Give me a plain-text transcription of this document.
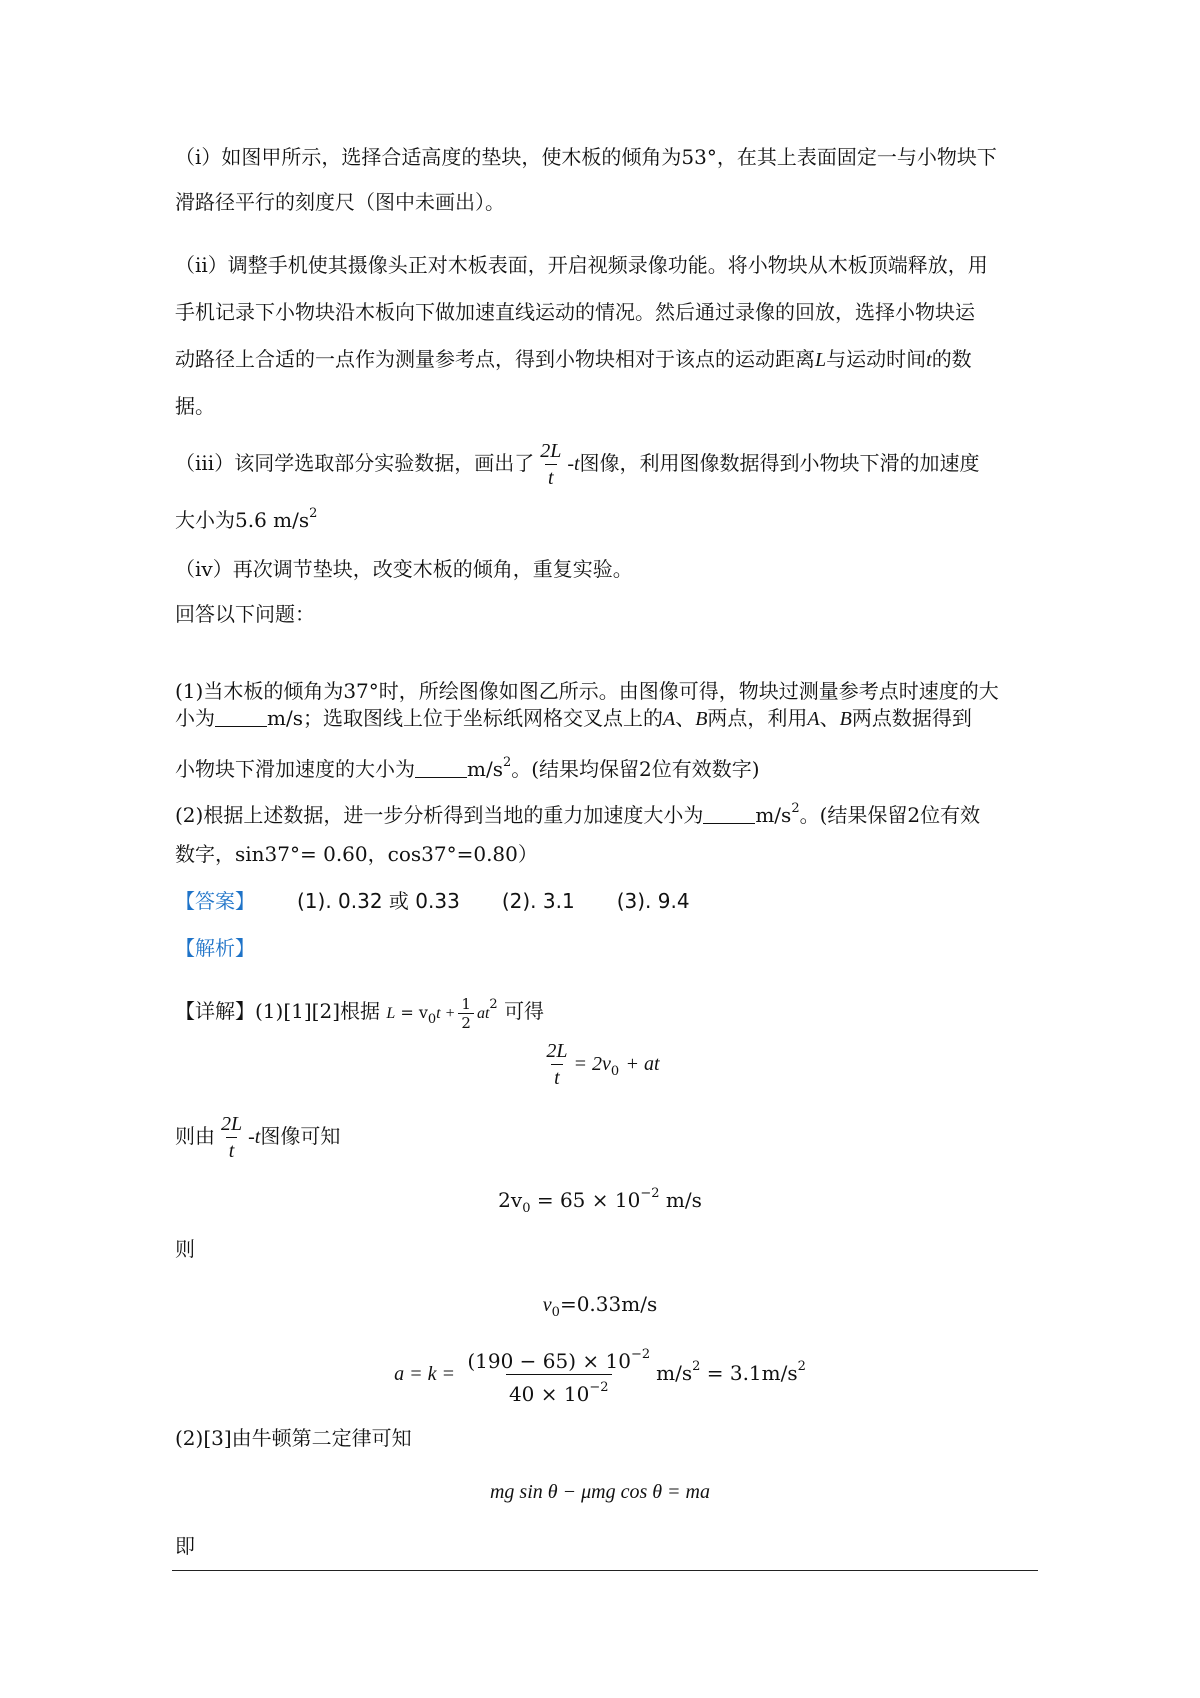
（i）如图甲所示，选择合适高度的垫块，使木板的倾角为53°，在其上表面固定一与小物块下
滑路径平行的刻度尺（图中未画出）。
（ii）调整手机使其摄像头正对木板表面，开启视频录像功能。将小物块从木板顶端释放，用
手机记录下小物块沿木板向下做加速直线运动的情况。然后通过录像的回放，选择小物块运
动路径上合适的一点作为测量参考点，得到小物块相对于该点的运动距离L与运动时间t的数
据。
（iii）该同学选取部分实验数据，画出了 $\frac{2L}{t} -t$图像，利用图像数据得到小物块下滑的加速度
大小为5.6 $m/s^2$
（iv）再次调节垫块，改变木板的倾角，重复实验。
回答以下问题：
(1)当木板的倾角为37°时，所绘图像如图乙所示。由图像可得，物块过测量参考点时速度的大
小为	m/s；选取图线上位于坐标纸网格交叉点上的A、B两点，利用A、B两点数据得到
小物块下滑加速度的大小为	$m/s^2$。(结果均保留2位有效数字)
(2)根据上述数据，进一步分析得到当地的重力加速度大小为	$m/s^2$。(结果保留2位有效
数字，sin37°= 0.60，cos37°=0.80）
【答案】 (1). 0.32 或 0.33 (2). 3.1 (3). 9.4
【解析】
【详解】(1)[1][2]根据 $L = v_0t + \frac{1}{2} at^2$ 可得
$\frac{2L}{t} = 2v_0$ + at
则由 $\frac{2L}{t} -t$图像可知
$2v_0 = 65 \times 10^{-2}$ m/s
则
$v_0=0.33m/s$
$a = k = \frac{(190 - 65) \times 10^{-2}}{40 \times 10^{-2}} m/s^2 = 3.1m/s^2$
(2)[3]由牛顿第二定律可知
mg sin θ − μmg cos θ = ma
即
